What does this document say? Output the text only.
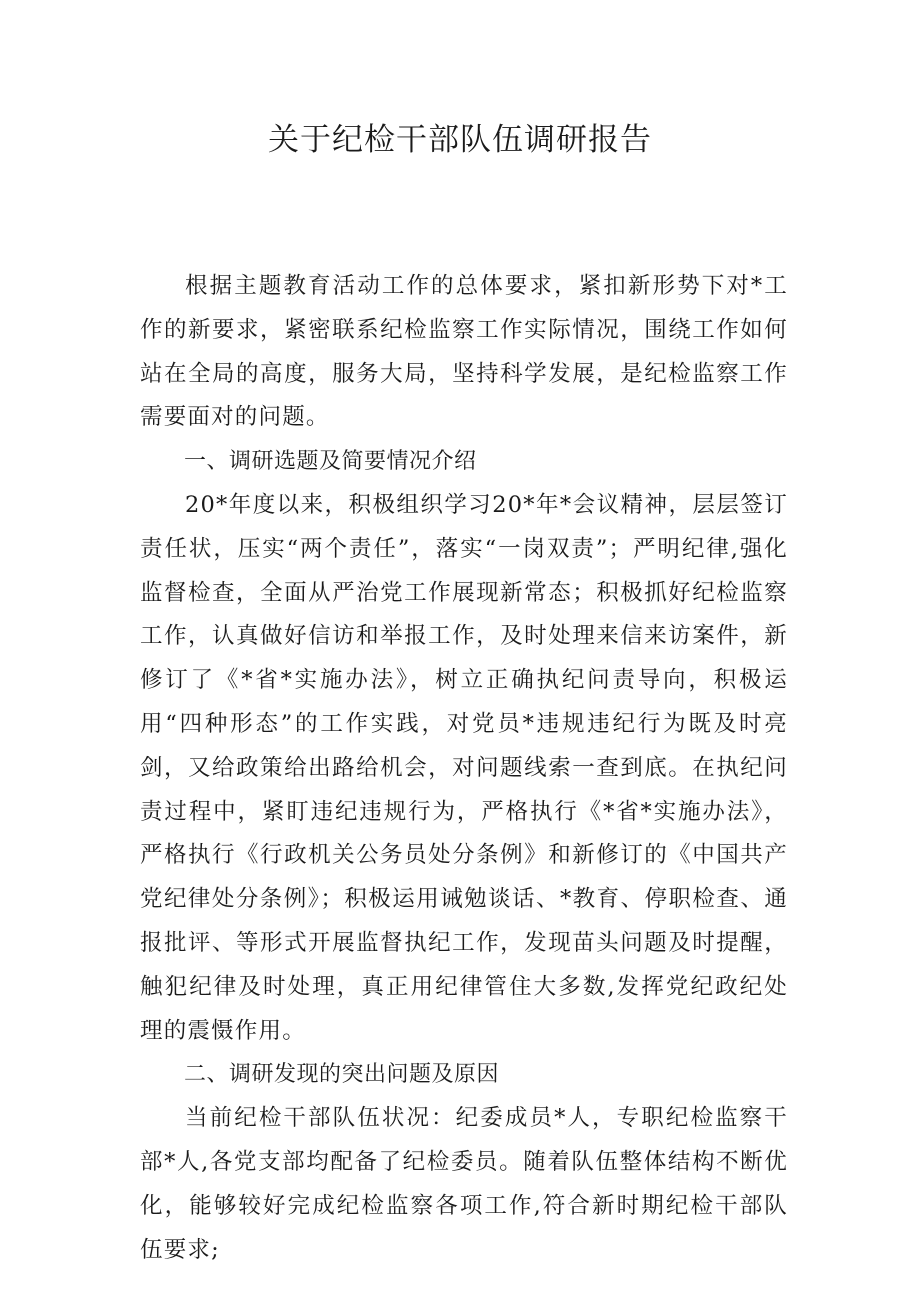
关于纪检干部队伍调研报告

根据主题教育活动工作的总体要求，紧扣新形势下对*工作的新要求，紧密联系纪检监察工作实际情况，围绕工作如何站在全局的高度，服务大局，坚持科学发展，是纪检监察工作需要面对的问题。

一、调研选题及简要情况介绍

20*年度以来，积极组织学习20*年*会议精神，层层签订责任状，压实“两个责任”，落实“一岗双责”；严明纪律,强化监督检查，全面从严治党工作展现新常态；积极抓好纪检监察工作，认真做好信访和举报工作，及时处理来信来访案件，新修订了《*省*实施办法》，树立正确执纪问责导向，积极运用“四种形态”的工作实践，对党员*违规违纪行为既及时亮剑，又给政策给出路给机会，对问题线索一查到底。在执纪问责过程中，紧盯违纪违规行为，严格执行《*省*实施办法》，严格执行《行政机关公务员处分条例》和新修订的《中国共产党纪律处分条例》；积极运用诫勉谈话、*教育、停职检查、通报批评、等形式开展监督执纪工作，发现苗头问题及时提醒，触犯纪律及时处理，真正用纪律管住大多数,发挥党纪政纪处理的震慑作用。

二、调研发现的突出问题及原因

当前纪检干部队伍状况：纪委成员*人，专职纪检监察干部*人,各党支部均配备了纪检委员。随着队伍整体结构不断优化，能够较好完成纪检监察各项工作,符合新时期纪检干部队伍要求;
